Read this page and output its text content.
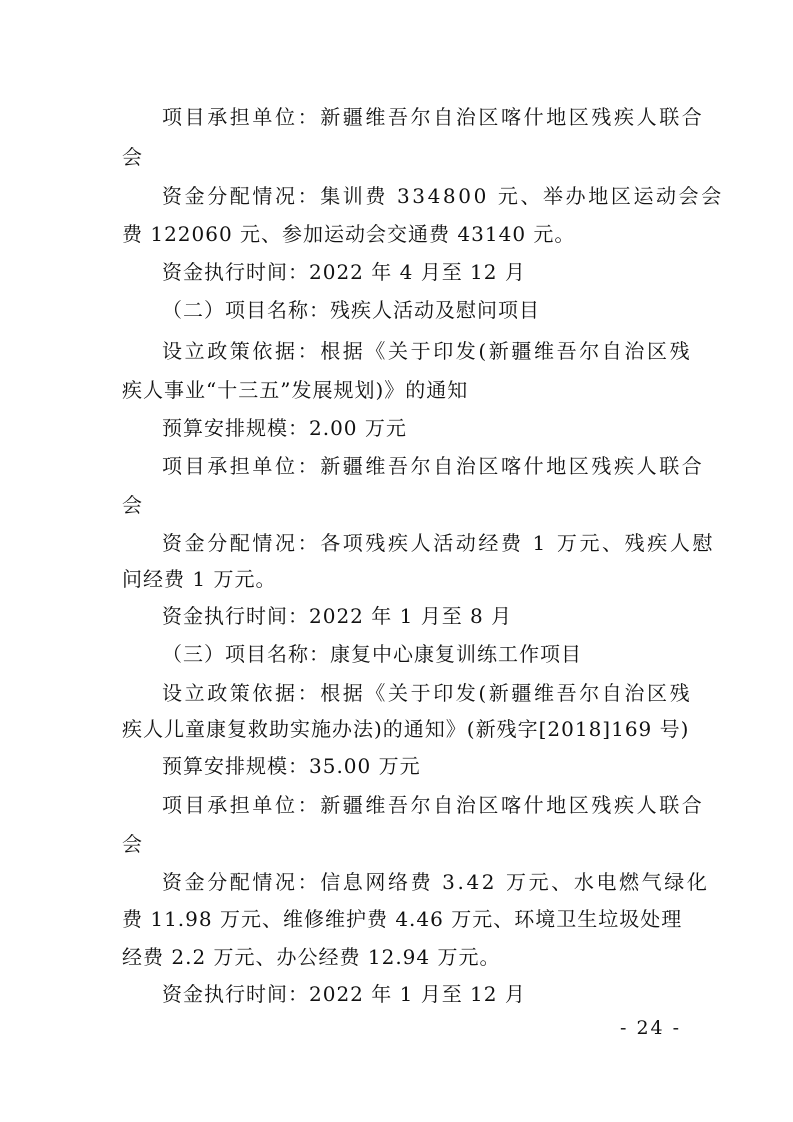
项目承担单位：新疆维吾尔自治区喀什地区残疾人联合
会
资金分配情况：集训费 334800 元、举办地区运动会会
费 122060 元、参加运动会交通费 43140 元。
资金执行时间：2022 年 4 月至 12 月
（二）项目名称：残疾人活动及慰问项目
设立政策依据：根据《关于印发(新疆维吾尔自治区残
疾人事业“十三五”发展规划)》的通知
预算安排规模：2.00 万元
项目承担单位：新疆维吾尔自治区喀什地区残疾人联合
会
资金分配情况：各项残疾人活动经费 1 万元、残疾人慰
问经费 1 万元。
资金执行时间：2022 年 1 月至 8 月
（三）项目名称：康复中心康复训练工作项目
设立政策依据：根据《关于印发(新疆维吾尔自治区残
疾人儿童康复救助实施办法)的通知》(新残字[2018]169 号)
预算安排规模：35.00 万元
项目承担单位：新疆维吾尔自治区喀什地区残疾人联合
会
资金分配情况：信息网络费 3.42 万元、水电燃气绿化
费 11.98 万元、维修维护费 4.46 万元、环境卫生垃圾处理
经费 2.2 万元、办公经费 12.94 万元。
资金执行时间：2022 年 1 月至 12 月
- 24 -
